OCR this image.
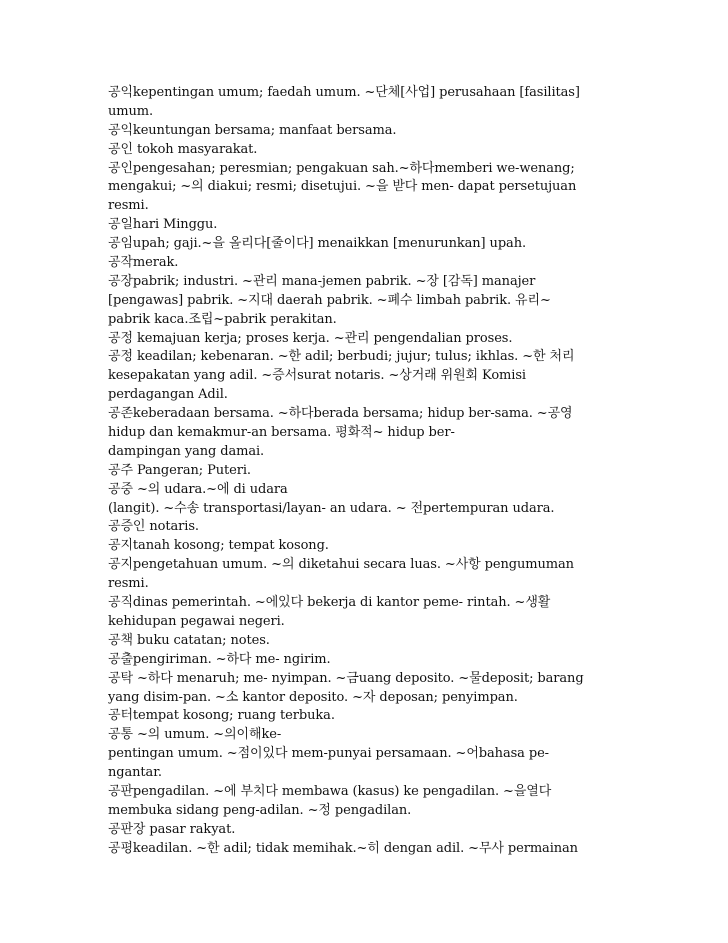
공익kepentingan umum; faedah umum. ~단체[사업] perusahaan [fasilitas]
umum.
공익keuntungan bersama; manfaat bersama.
공인 tokoh masyarakat.
공인pengesahan; peresmian; pengakuan sah.~하다memberi we-wenang;
mengakui; ~의 diakui; resmi; disetujui. ~을 받다 men- dapat persetujuan
resmi.
공일hari Minggu.
공임upah; gaji.~을 올리다[줄이다] menaikkan [menurunkan] upah.
공작merak.
공장pabrik; industri. ~관리 mana-jemen pabrik. ~장 [감독] manajer
[pengawas] pabrik. ~지대 daerah pabrik. ~폐수 limbah pabrik. 유리~
pabrik kaca.조립~pabrik perakitan.
공정 kemajuan kerja; proses kerja. ~관리 pengendalian proses.
공정 keadilan; kebenaran. ~한 adil; berbudi; jujur; tulus; ikhlas. ~한 처리
kesepakatan yang adil. ~증서surat notaris. ~상거래 위원회 Komisi
perdagangan Adil.
공존keberadaan bersama. ~하다berada bersama; hidup ber-sama. ~공영
hidup dan kemakmur-an bersama. 평화적~ hidup ber-
dampingan yang damai.
공주 Pangeran; Puteri.
공중 ~의 udara.~에 di udara
(langit). ~수송 transportasi/layan- an udara. ~ 전pertempuran udara.
공증인 notaris.
공지tanah kosong; tempat kosong.
공지pengetahuan umum. ~의 diketahui secara luas. ~사항 pengumuman
resmi.
공직dinas pemerintah. ~에있다 bekerja di kantor peme- rintah. ~생활
kehidupan pegawai negeri.
공책 buku catatan; notes.
공출pengiriman. ~하다 me- ngirim.
공탁 ~하다 menaruh; me- nyimpan. ~금uang deposito. ~물deposit; barang
yang disim-pan. ~소 kantor deposito. ~자 deposan; penyimpan.
공터tempat kosong; ruang terbuka.
공통 ~의 umum. ~의이해ke-
pentingan umum. ~점이있다 mem-punyai persamaan. ~어bahasa pe-
ngantar.
공판pengadilan. ~에 부치다 membawa (kasus) ke pengadilan. ~을열다
membuka sidang peng-adilan. ~정 pengadilan.
공판장 pasar rakyat.
공평keadilan. ~한 adil; tidak memihak.~히 dengan adil. ~무사 permainan
